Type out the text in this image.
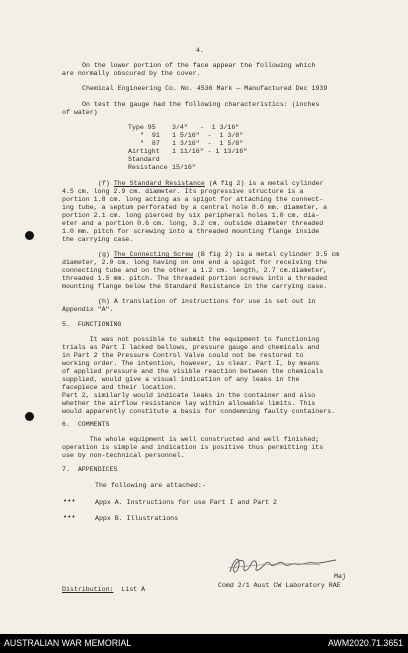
4.
On the lower portion of the face appear the following which
are normally obscured by the cover.
Chemical Engineering Co. No. 4536 Mark — Manufactured Dec 1939
On test the gauge had the following characteristics: (inches
of water)
Type 95 3/4"   -  1 3/16"
"  91 1 5/16"  -  1 3/8"
"  87 1 3/16"  -  1 5/8"
Airtight 1 11/16" - 1 13/16"
Standard
Resistance 15/16"
(f) The Standard Resistance (A fig 2) is a metal cylinder
4.5 cm. long 2.9 cm. diameter. Its progressive structure is a
portion 1.8 cm. long acting as a spigot for attaching the connect-
ing tube, a septum perforated by a central hole 8.0 mm. diameter, a
portion 2.1 cm. long pierced by six peripheral holes 1.0 cm. dia-
eter and a portion 0.6 cm. long, 3.2 cm. outside diameter threaded
1.0 mm. pitch for screwing into a threaded mounting flange inside
the carrying case.
(g) The Connecting Screw (B fig 2) is a metal cylinder 3.5 cm
diameter, 2.0 cm. long having on one end a spigot for receiving the
connecting tube and on the other a 1.2 cm. length, 2.7 cm.diameter,
threaded 1.5 mm. pitch. The threaded portion screws into a threaded
mounting flange below the Standard Resistance in the carrying case.
(h) A translation of instructions for use is set out in
Appendix "A".
5.  FUNCTIONING
It was not possible to submit the equipment to functioning
trials as Part I lacked bellows, pressure gauge and chemicals and
in Part 2 the Pressure Control Valve could not be restored to
working order. The intention, however, is clear. Part I, by means
of applied pressure and the visible reaction between the chemicals
supplied, would give a visual indication of any leaks in the
facepiece and their location.
Part 2, similarly would indicate leaks in the container and also
whether the airflow resistance lay within allowable limits. This
would apparently constitute a basis for condemning faulty containers.
6.  COMMENTS
The whole equipment is well constructed and well finished;
operation is simple and indication is positive thus permitting its
use by non-technical personnel.
7.  APPENDICES
The following are attached:-
•••	Appx A. Instructions for use Part I and Part 2
•••	Appx B. Illustrations
Maj
Comd 2/1 Aust CW Laboratory RAE
Distribution: List A
AUSTRALIAN WAR MEMORIAL	AWM2020.71.3651
